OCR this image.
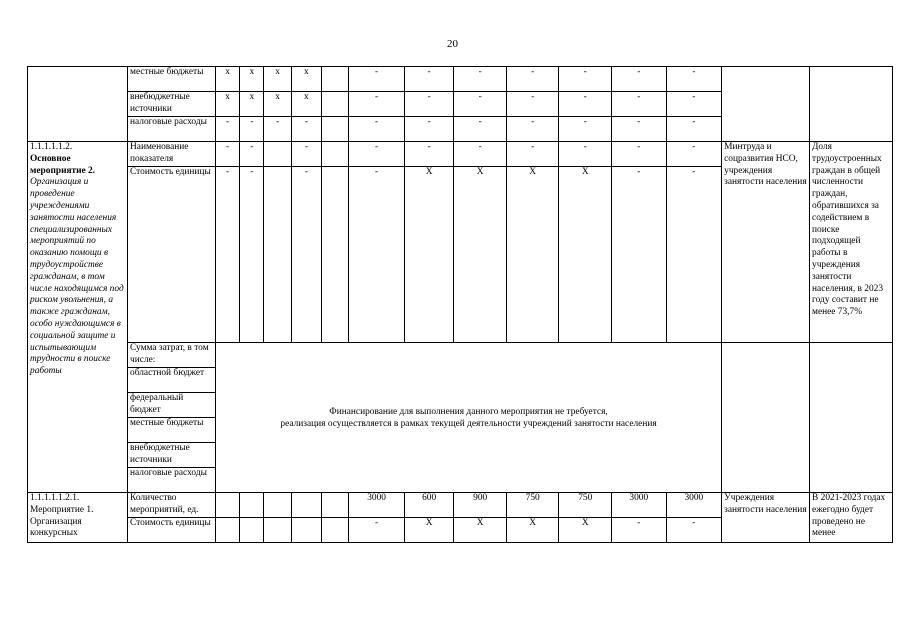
20
	местные бюджеты	х	х	х	х		-	-	-	-	-	-	-		
	внебюджетные источники	х	х	х	х		-	-	-	-	-	-	-		
	налоговые расходы	-	-	-	-		-	-	-	-	-	-	-		
1.1.1.1.1.2.
Основное мероприятие 2. Организация и проведение учреждениями занятости населения специализированных мероприятий по оказанию помощи в трудоустройстве гражданам, в том числе находящимся под риском увольнения, а также гражданам, особо нуждающимся в социальной защите и испытывающим трудности в поиске работы	Наименование показателя	-	-		-		-	-	-	-	-	-	-	Минтруда и соцразвития НСО, учреждения занятости населения	Доля трудоустроенных граждан в общей численности граждан, обратившихся за содействием в поиске подходящей работы в учреждения занятости населения, в 2023 году составит не менее 73,7%
	Стоимость единицы	-	-		-		-	Х	Х	Х	Х	-	-		
	Сумма затрат, в том числе:	Финансирование для выполнения данного мероприятия не требуется,
реализация осуществляется в рамках текущей деятельности учреждений занятости населения													
	областной бюджет														
	федеральный бюджет														
	местные бюджеты														
	внебюджетные источники														
	налоговые расходы														
1.1.1.1.1.2.1.
Мероприятие 1. Организация конкурсных	Количество мероприятий, ед.						3000	600	900	750	750	3000	3000	Учреждения занятости населения	В 2021-2023 годах ежегодно будет проведено не менее
	Стоимость единицы						-	Х	Х	Х	Х	-	-		
